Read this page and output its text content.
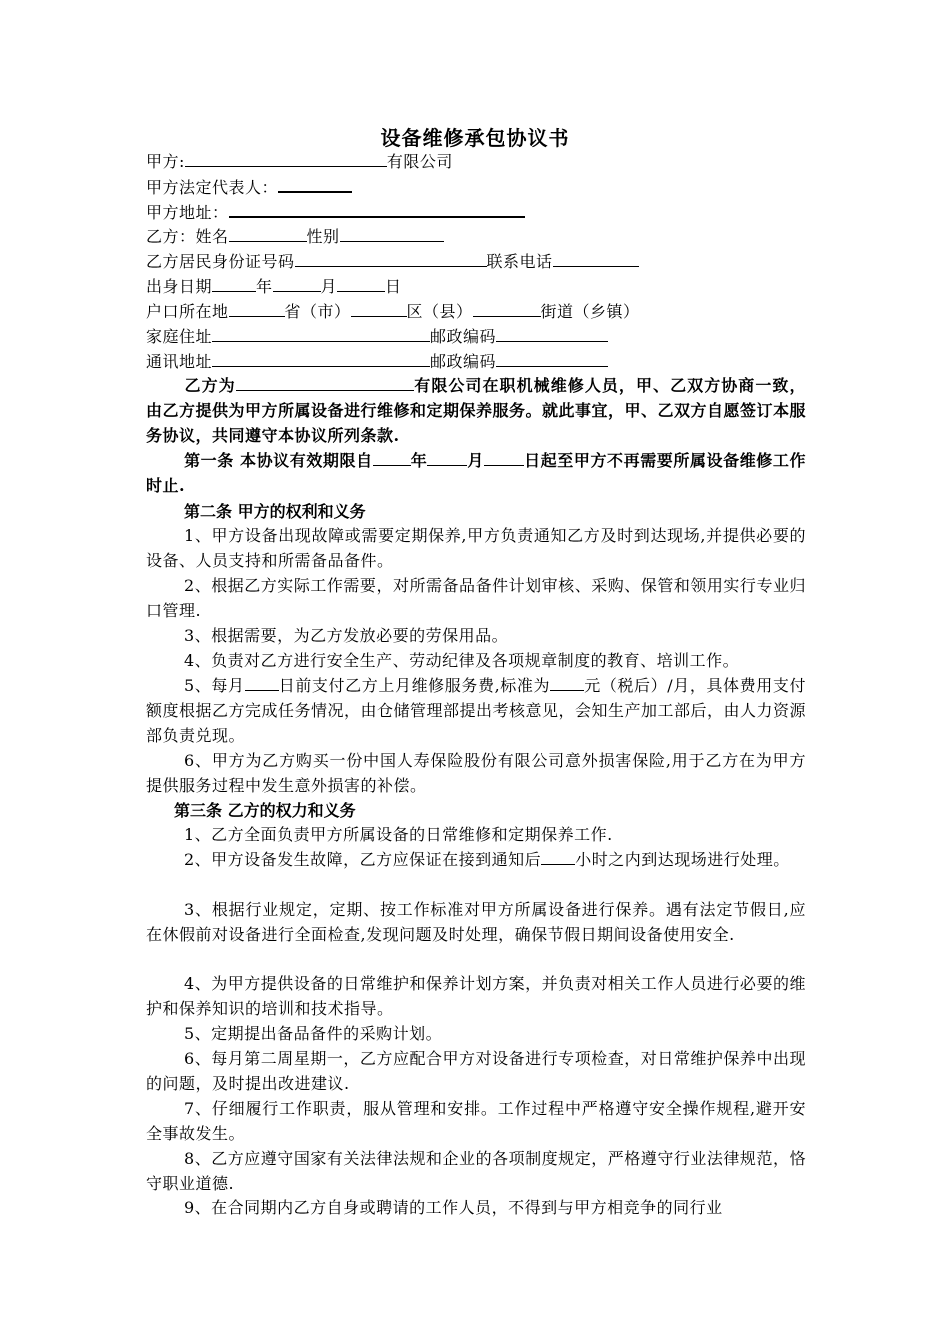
设备维修承包协议书
甲方:	有限公司
甲方法定代表人：
甲方地址：
乙方：姓名	性别
乙方居民身份证号码	联系电话
出身日期	年	月	日
户口所在地	省（市）	区（县）	街道（乡镇）
家庭住址	邮政编码
通讯地址	邮政编码
乙方为	有限公司在职机械维修人员，甲、乙双方协商一致，由乙方提供为甲方所属设备进行维修和定期保养服务。就此事宜，甲、乙双方自愿签订本服务协议，共同遵守本协议所列条款.
第一条 本协议有效期限自 年	月	日起至甲方不再需要所属设备维修工作时止.
第二条 甲方的权利和义务
1、甲方设备出现故障或需要定期保养,甲方负责通知乙方及时到达现场,并提供必要的设备、人员支持和所需备品备件。
2、根据乙方实际工作需要，对所需备品备件计划审核、采购、保管和领用实行专业归口管理.
3、根据需要，为乙方发放必要的劳保用品。
4、负责对乙方进行安全生产、劳动纪律及各项规章制度的教育、培训工作。
5、每月 日前支付乙方上月维修服务费,标准为 元（税后）/月，具体费用支付额度根据乙方完成任务情况，由仓储管理部提出考核意见，会知生产加工部后，由人力资源部负责兑现。
6、甲方为乙方购买一份中国人寿保险股份有限公司意外损害保险,用于乙方在为甲方提供服务过程中发生意外损害的补偿。
第三条 乙方的权力和义务
1、乙方全面负责甲方所属设备的日常维修和定期保养工作.
2、甲方设备发生故障，乙方应保证在接到通知后 小时之内到达现场进行处理。
3、根据行业规定，定期、按工作标准对甲方所属设备进行保养。遇有法定节假日,应在休假前对设备进行全面检查,发现问题及时处理，确保节假日期间设备使用安全.
4、为甲方提供设备的日常维护和保养计划方案，并负责对相关工作人员进行必要的维护和保养知识的培训和技术指导。
5、定期提出备品备件的采购计划。
6、每月第二周星期一，乙方应配合甲方对设备进行专项检查，对日常维护保养中出现的问题，及时提出改进建议.
7、仔细履行工作职责，服从管理和安排。工作过程中严格遵守安全操作规程,避开安全事故发生。
8、乙方应遵守国家有关法律法规和企业的各项制度规定，严格遵守行业法律规范，恪守职业道德.
9、在合同期内乙方自身或聘请的工作人员，不得到与甲方相竞争的同行业
